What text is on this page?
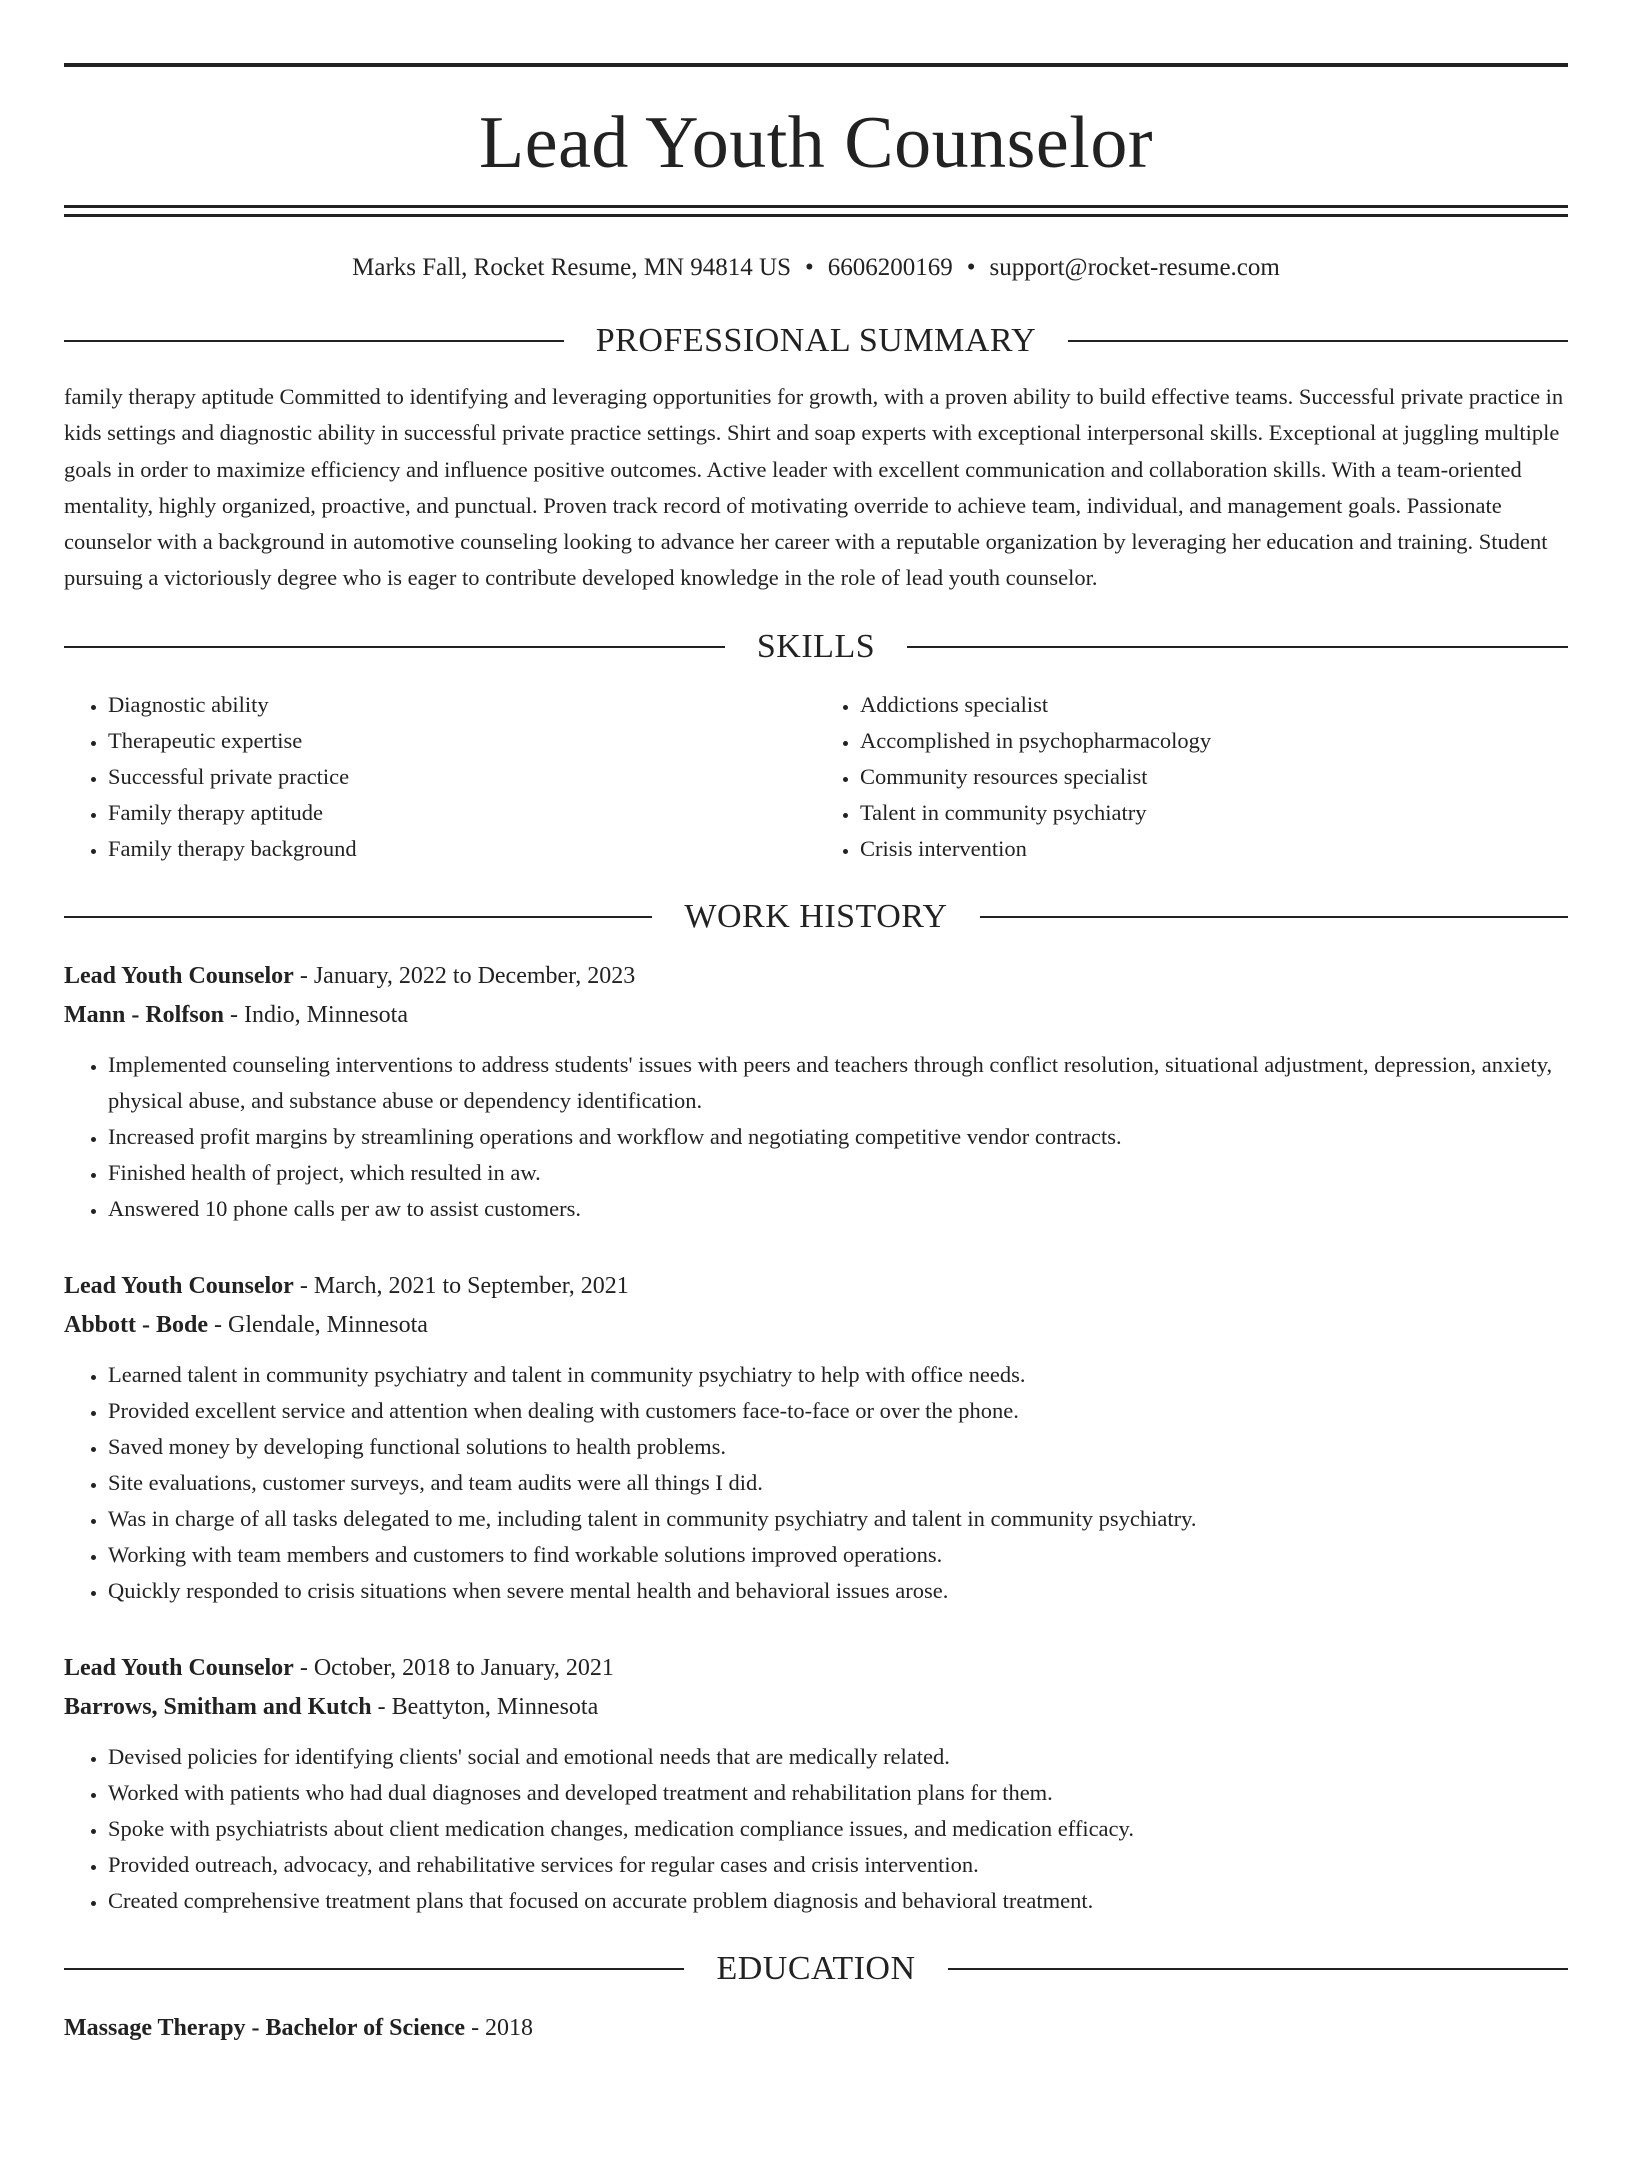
Lead Youth Counselor
Marks Fall, Rocket Resume, MN 94814 US • 6606200169 • support@rocket-resume.com
PROFESSIONAL SUMMARY
family therapy aptitude Committed to identifying and leveraging opportunities for growth, with a proven ability to build effective teams. Successful private practice in kids settings and diagnostic ability in successful private practice settings. Shirt and soap experts with exceptional interpersonal skills. Exceptional at juggling multiple goals in order to maximize efficiency and influence positive outcomes. Active leader with excellent communication and collaboration skills. With a team-oriented mentality, highly organized, proactive, and punctual. Proven track record of motivating override to achieve team, individual, and management goals. Passionate counselor with a background in automotive counseling looking to advance her career with a reputable organization by leveraging her education and training. Student pursuing a victoriously degree who is eager to contribute developed knowledge in the role of lead youth counselor.
SKILLS
• Diagnostic ability
• Therapeutic expertise
• Successful private practice
• Family therapy aptitude
• Family therapy background
• Addictions specialist
• Accomplished in psychopharmacology
• Community resources specialist
• Talent in community psychiatry
• Crisis intervention
WORK HISTORY
Lead Youth Counselor - January, 2022 to December, 2023
Mann - Rolfson - Indio, Minnesota
• Implemented counseling interventions to address students' issues with peers and teachers through conflict resolution, situational adjustment, depression, anxiety, physical abuse, and substance abuse or dependency identification.
• Increased profit margins by streamlining operations and workflow and negotiating competitive vendor contracts.
• Finished health of project, which resulted in aw.
• Answered 10 phone calls per aw to assist customers.
Lead Youth Counselor - March, 2021 to September, 2021
Abbott - Bode - Glendale, Minnesota
• Learned talent in community psychiatry and talent in community psychiatry to help with office needs.
• Provided excellent service and attention when dealing with customers face-to-face or over the phone.
• Saved money by developing functional solutions to health problems.
• Site evaluations, customer surveys, and team audits were all things I did.
• Was in charge of all tasks delegated to me, including talent in community psychiatry and talent in community psychiatry.
• Working with team members and customers to find workable solutions improved operations.
• Quickly responded to crisis situations when severe mental health and behavioral issues arose.
Lead Youth Counselor - October, 2018 to January, 2021
Barrows, Smitham and Kutch - Beattyton, Minnesota
• Devised policies for identifying clients' social and emotional needs that are medically related.
• Worked with patients who had dual diagnoses and developed treatment and rehabilitation plans for them.
• Spoke with psychiatrists about client medication changes, medication compliance issues, and medication efficacy.
• Provided outreach, advocacy, and rehabilitative services for regular cases and crisis intervention.
• Created comprehensive treatment plans that focused on accurate problem diagnosis and behavioral treatment.
EDUCATION
Massage Therapy - Bachelor of Science - 2018
